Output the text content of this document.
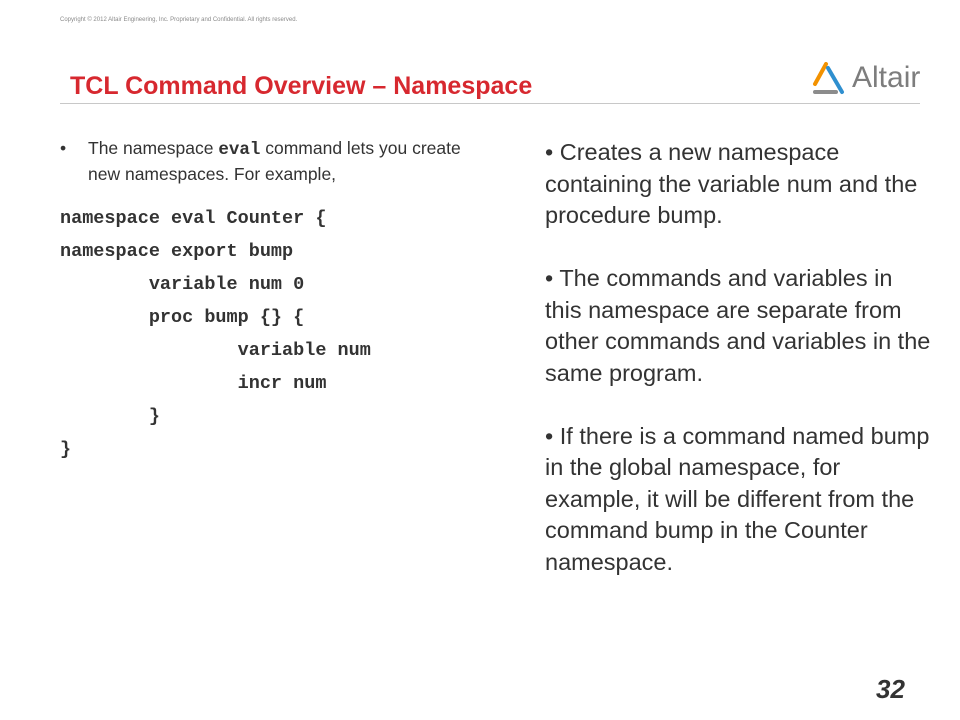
Copyright © 2012 Altair Engineering, Inc. Proprietary and Confidential. All rights reserved.
TCL Command Overview – Namespace	Altair
• The namespace eval command lets you create new namespaces. For example,
namespace eval Counter {
namespace export bump
variable num 0
proc bump {} {
variable num
incr num
}
}

• Creates a new namespace containing the variable num and the procedure bump.

• The commands and variables in this namespace are separate from other commands and variables in the same program.

• If there is a command named bump in the global namespace, for example, it will be different from the command bump in the Counter namespace.

32
